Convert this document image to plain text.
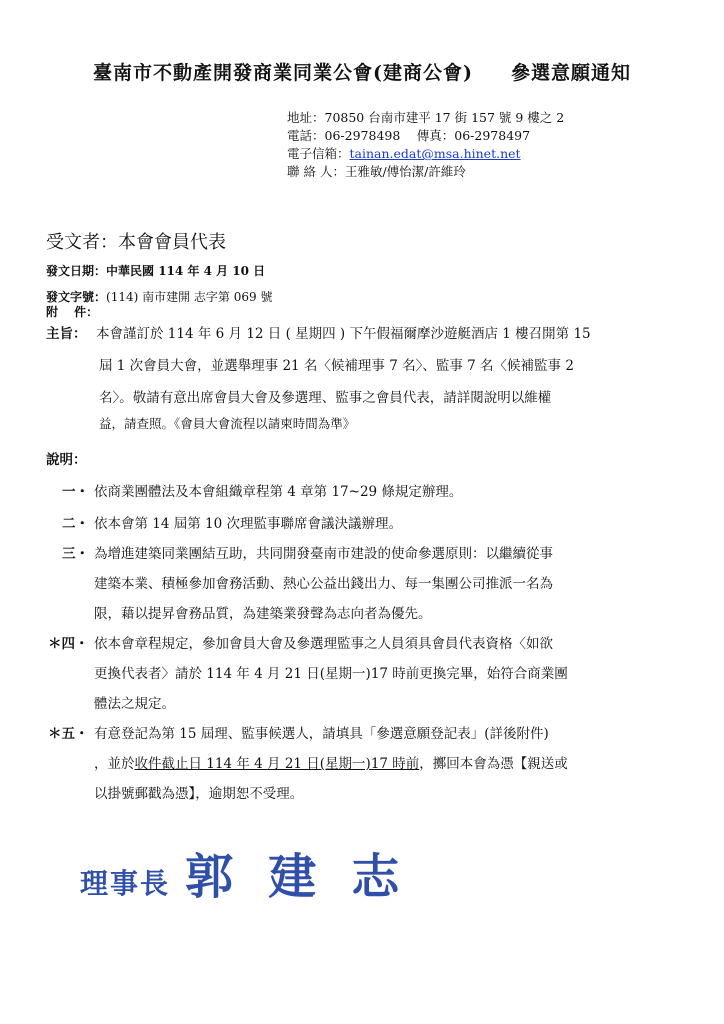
臺南市不動產開發商業同業公會(建商公會) 參選意願通知
地址：70850 台南市建平 17 街 157 號 9 樓之 2
電話：06-2978498　 傳真：06-2978497
電子信箱：tainan.edat@msa.hinet.net
聯 絡 人：王雅敏/傅怡潔/許維玲
受文者：本會會員代表
發文日期：中華民國 114 年 4 月 10 日
發文字號：(114) 南市建開 志字第 069 號
附　 件：
主旨： 本會謹訂於 114 年 6 月 12 日 ( 星期四 ) 下午假福爾摩沙遊艇酒店 1 樓召開第 15
屆 1 次會員大會，並選舉理事 21 名〈候補理事 7 名〉、監事 7 名〈候補監事 2
名〉。敬請有意出席會員大會及參選理、監事之會員代表，請詳閱說明以維權
益，請查照。《會員大會流程以請柬時間為準》
說明：
一・ 依商業團體法及本會組織章程第 4 章第 17~29 條規定辦理。
二・ 依本會第 14 屆第 10 次理監事聯席會議決議辦理。
三・ 為增進建築同業團結互助，共同開發臺南市建設的使命參選原則：以繼續從事
建築本業、積極參加會務活動、熱心公益出錢出力、每一集團公司推派一名為
限，藉以提昇會務品質，為建築業發聲為志向者為優先。
＊四・ 依本會章程規定，參加會員大會及參選理監事之人員須具會員代表資格〈如欲
更換代表者〉請於 114 年 4 月 21 日(星期一)17 時前更換完畢，始符合商業團
體法之規定。
＊五・ 有意登記為第 15 屆理、監事候選人，請填具「參選意願登記表」(詳後附件)
，並於收件截止日 114 年 4 月 21 日(星期一)17 時前，擲回本會為憑【親送或
以掛號郵戳為憑】，逾期恕不受理。
理事長 郭 建 志
